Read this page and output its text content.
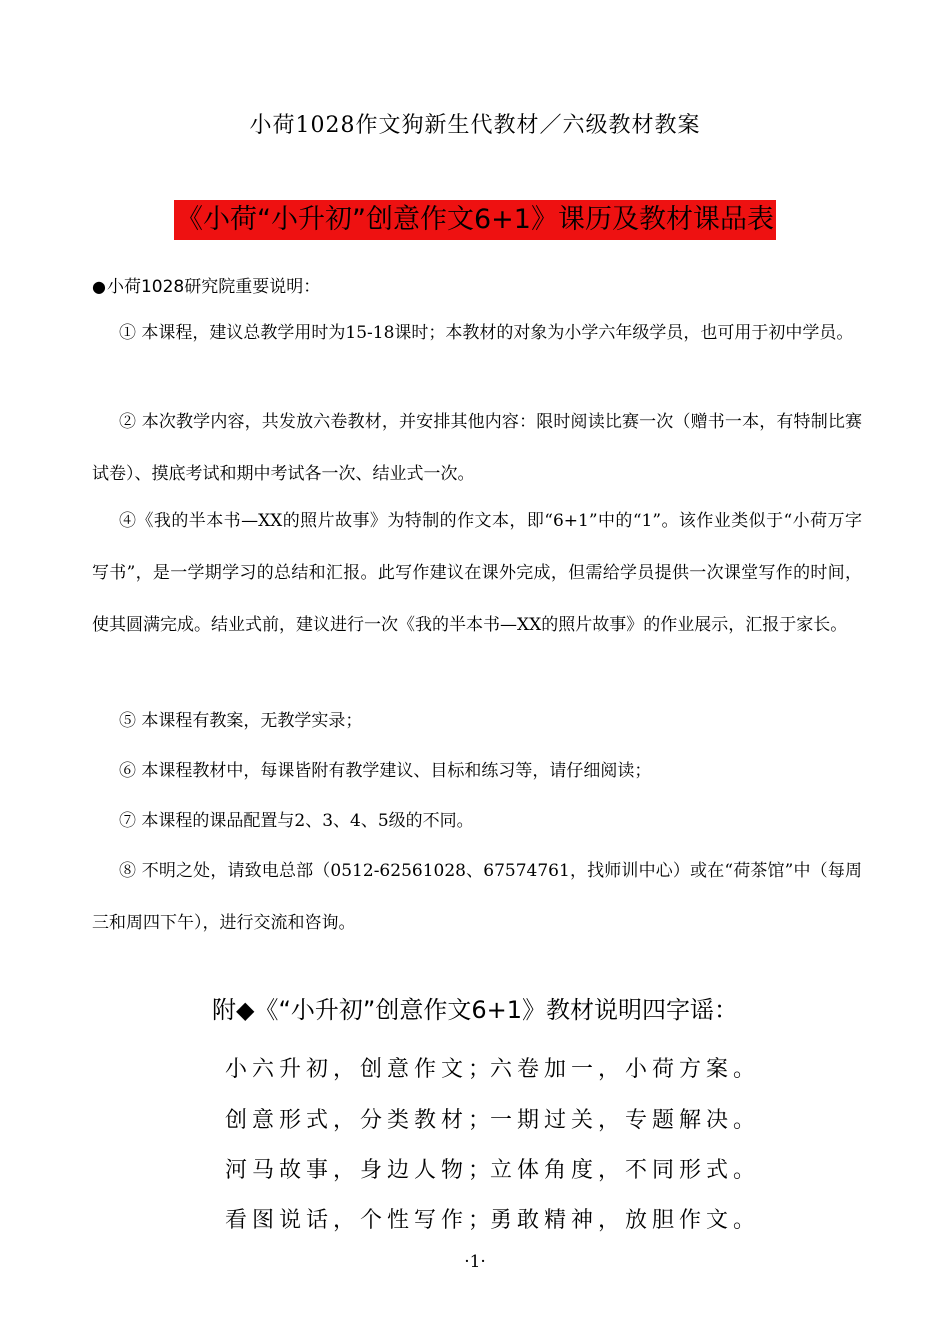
小荷1028作文狗新生代教材／六级教材教案
《小荷“小升初”创意作文6+1》课历及教材课品表
●小荷1028研究院重要说明：
① 本课程，建议总教学用时为15-18课时；本教材的对象为小学六年级学员，也可用于初中学员。
② 本次教学内容，共发放六卷教材，并安排其他内容：限时阅读比赛一次（赠书一本，有特制比赛试卷）、摸底考试和期中考试各一次、结业式一次。
④《我的半本书—XX的照片故事》为特制的作文本，即“6+1”中的“1”。该作业类似于“小荷万字写书”，是一学期学习的总结和汇报。此写作建议在课外完成，但需给学员提供一次课堂写作的时间，使其圆满完成。结业式前，建议进行一次《我的半本书—XX的照片故事》的作业展示，汇报于家长。
⑤ 本课程有教案，无教学实录；
⑥ 本课程教材中，每课皆附有教学建议、目标和练习等，请仔细阅读；
⑦ 本课程的课品配置与2、3、4、5级的不同。
⑧ 不明之处，请致电总部（0512-62561028、67574761，找师训中心）或在“荷茶馆”中（每周三和周四下午），进行交流和咨询。
附◆《“小升初”创意作文6+1》教材说明四字谣：
小六升初，创意作文；
六卷加一，小荷方案。
创意形式，分类教材；
一期过关，专题解决。
河马故事，身边人物；
立体角度，不同形式。
看图说话，个性写作；
勇敢精神，放胆作文。
·1·
